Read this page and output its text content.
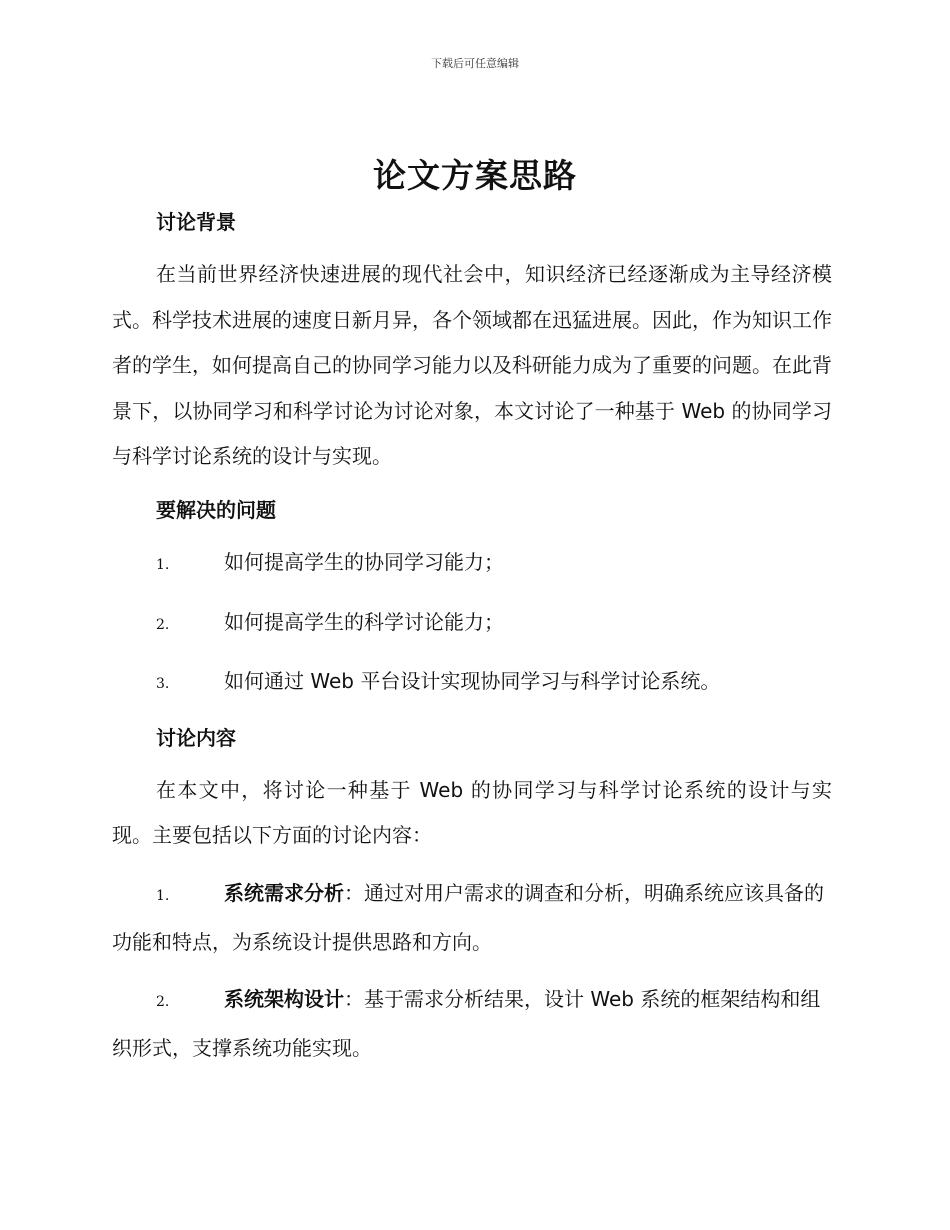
下载后可任意编辑
论文方案思路
讨论背景

在当前世界经济快速进展的现代社会中，知识经济已经逐渐成为主导经济模式。科学技术进展的速度日新月异，各个领域都在迅猛进展。因此，作为知识工作者的学生，如何提高自己的协同学习能力以及科研能力成为了重要的问题。在此背景下，以协同学习和科学讨论为讨论对象，本文讨论了一种基于 Web 的协同学习与科学讨论系统的设计与实现。

要解决的问题
1.	如何提高学生的协同学习能力；
2.	如何提高学生的科学讨论能力；
3.	如何通过 Web 平台设计实现协同学习与科学讨论系统。
讨论内容

在本文中，将讨论一种基于 Web 的协同学习与科学讨论系统的设计与实现。主要包括以下方面的讨论内容：

1.	系统需求分析：通过对用户需求的调查和分析，明确系统应该具备的功能和特点，为系统设计提供思路和方向。
2.	系统架构设计：基于需求分析结果，设计 Web 系统的框架结构和组织形式，支撑系统功能实现。
